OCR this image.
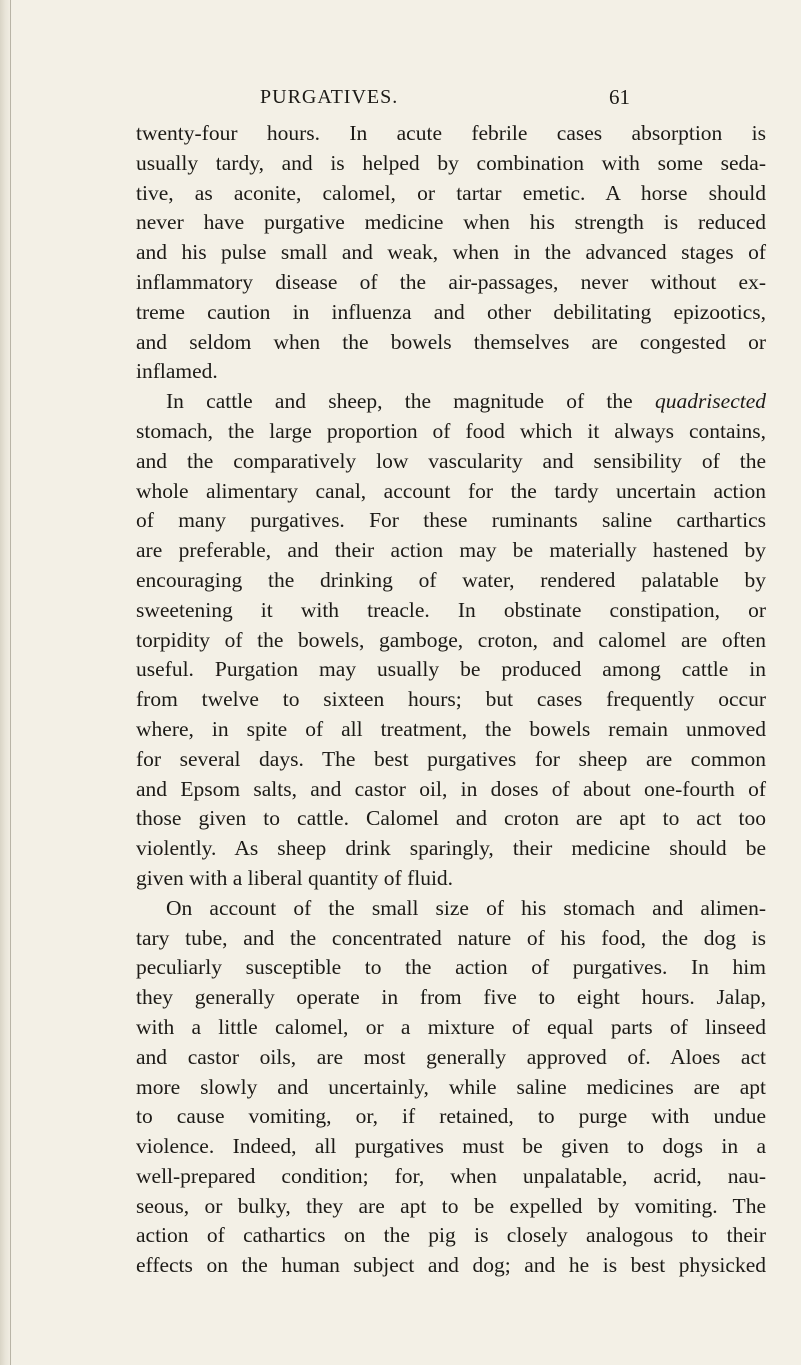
PURGATIVES.	61
twenty-four hours. In acute febrile cases absorption is
usually tardy, and is helped by combination with some seda-
tive, as aconite, calomel, or tartar emetic. A horse should
never have purgative medicine when his strength is reduced
and his pulse small and weak, when in the advanced stages of
inflammatory disease of the air-passages, never without ex-
treme caution in influenza and other debilitating epizootics,
and seldom when the bowels themselves are congested or
inflamed.
In cattle and sheep, the magnitude of the quadrisected
stomach, the large proportion of food which it always contains,
and the comparatively low vascularity and sensibility of the
whole alimentary canal, account for the tardy uncertain action
of many purgatives. For these ruminants saline carthartics
are preferable, and their action may be materially hastened by
encouraging the drinking of water, rendered palatable by
sweetening it with treacle. In obstinate constipation, or
torpidity of the bowels, gamboge, croton, and calomel are often
useful. Purgation may usually be produced among cattle in
from twelve to sixteen hours; but cases frequently occur
where, in spite of all treatment, the bowels remain unmoved
for several days. The best purgatives for sheep are common
and Epsom salts, and castor oil, in doses of about one-fourth of
those given to cattle. Calomel and croton are apt to act too
violently. As sheep drink sparingly, their medicine should be
given with a liberal quantity of fluid.
On account of the small size of his stomach and alimen-
tary tube, and the concentrated nature of his food, the dog is
peculiarly susceptible to the action of purgatives. In him
they generally operate in from five to eight hours. Jalap,
with a little calomel, or a mixture of equal parts of linseed
and castor oils, are most generally approved of. Aloes act
more slowly and uncertainly, while saline medicines are apt
to cause vomiting, or, if retained, to purge with undue
violence. Indeed, all purgatives must be given to dogs in a
well-prepared condition; for, when unpalatable, acrid, nau-
seous, or bulky, they are apt to be expelled by vomiting. The
action of cathartics on the pig is closely analogous to their
effects on the human subject and dog; and he is best physicked
